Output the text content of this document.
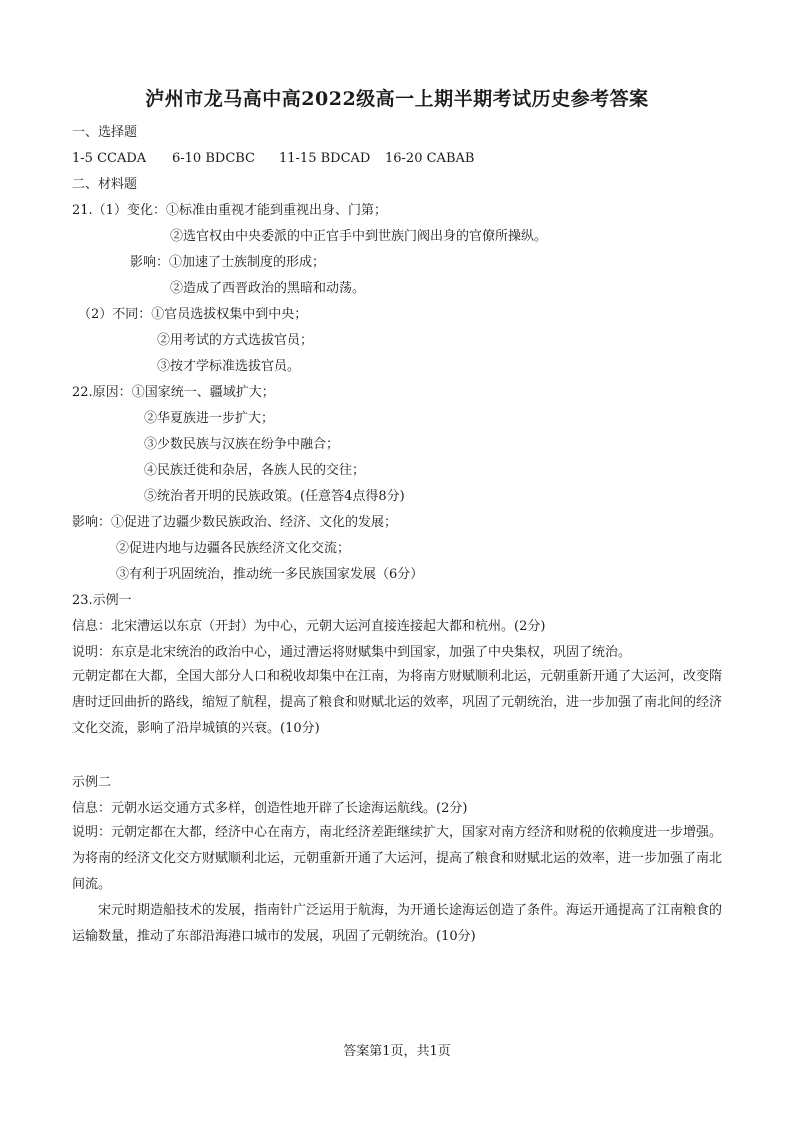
泸州市龙马高中高2022级高一上期半期考试历史参考答案
一、选择题
1-5 CCADA 6-10 BDCBC 11-15 BDCAD 16-20 CABAB
二、材料题
21.（1）变化：①标准由重视才能到重视出身、门第；
②选官权由中央委派的中正官手中到世族门阀出身的官僚所操纵。
影响：①加速了士族制度的形成；
②造成了西晋政治的黑暗和动荡。
（2）不同：①官员选拔权集中到中央；
②用考试的方式选拔官员；
③按才学标准选拔官员。
22.原因：①国家统一、疆域扩大；
②华夏族进一步扩大；
③少数民族与汉族在纷争中融合；
④民族迁徙和杂居，各族人民的交往；
⑤统治者开明的民族政策。(任意答4点得8分)
影响：①促进了边疆少数民族政治、经济、文化的发展；
②促进内地与边疆各民族经济文化交流；
③有利于巩固统治，推动统一多民族国家发展（6分）
23.示例一
信息：北宋漕运以东京（开封）为中心，元朝大运河直接连接起大都和杭州。(2分)
说明：东京是北宋统治的政治中心，通过漕运将财赋集中到国家，加强了中央集权，巩固了统治。
元朝定都在大都，全国大部分人口和税收却集中在江南，为将南方财赋顺利北运，元朝重新开通了大运河，改变隋唐时迂回曲折的路线，缩短了航程，提高了粮食和财赋北运的效率，巩固了元朝统治，进一步加强了南北间的经济文化交流，影响了沿岸城镇的兴衰。(10分)
示例二
信息：元朝水运交通方式多样，创造性地开辟了长途海运航线。(2分)
说明：元朝定都在大都，经济中心在南方，南北经济差距继续扩大，国家对南方经济和财税的依赖度进一步增强。为将南的经济文化交方财赋顺利北运，元朝重新开通了大运河，提高了粮食和财赋北运的效率，进一步加强了南北间流。
宋元时期造船技术的发展，指南针广泛运用于航海，为开通长途海运创造了条件。海运开通提高了江南粮食的运输数量，推动了东部沿海港口城市的发展，巩固了元朝统治。(10分)
答案第1页，共1页
